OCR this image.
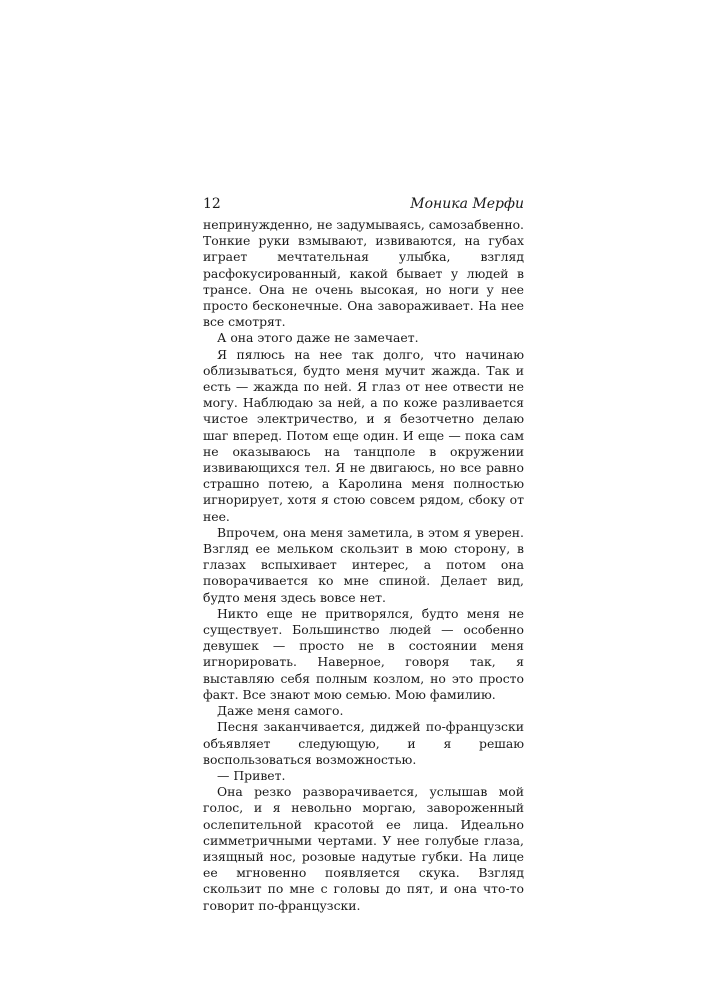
12	Моника Мерфи

непринужденно, не задумываясь, самозабвенно. Тонкие руки взмывают, извиваются, на губах играет мечтательная улыбка, взгляд расфокусированный, какой бывает у людей в трансе. Она не очень высокая, но ноги у нее просто бесконечные. Она завораживает. На нее все смотрят.

А она этого даже не замечает.

Я пялюсь на нее так долго, что начинаю облизываться, будто меня мучит жажда. Так и есть — жажда по ней. Я глаз от нее отвести не могу. Наблюдаю за ней, а по коже разливается чистое электричество, и я безотчетно делаю шаг вперед. Потом еще один. И еще — пока сам не оказываюсь на танцполе в окружении извивающихся тел. Я не двигаюсь, но все равно страшно потею, а Каролина меня полностью игнорирует, хотя я стою совсем рядом, сбоку от нее.

Впрочем, она меня заметила, в этом я уверен. Взгляд ее мельком скользит в мою сторону, в глазах вспыхивает интерес, а потом она поворачивается ко мне спиной. Делает вид, будто меня здесь вовсе нет.

Никто еще не притворялся, будто меня не существует. Большинство людей — особенно девушек — просто не в состоянии меня игнорировать. Наверное, говоря так, я выставляю себя полным козлом, но это просто факт. Все знают мою семью. Мою фамилию.

Даже меня самого.

Песня заканчивается, диджей по-французски объявляет следующую, и я решаю воспользоваться возможностью.

— Привет.

Она резко разворачивается, услышав мой голос, и я невольно моргаю, завороженный ослепительной красотой ее лица. Идеально симметричными чертами. У нее голубые глаза, изящный нос, розовые надутые губки. На лице ее мгновенно появляется скука. Взгляд скользит по мне с головы до пят, и она что-то говорит по-французски.
